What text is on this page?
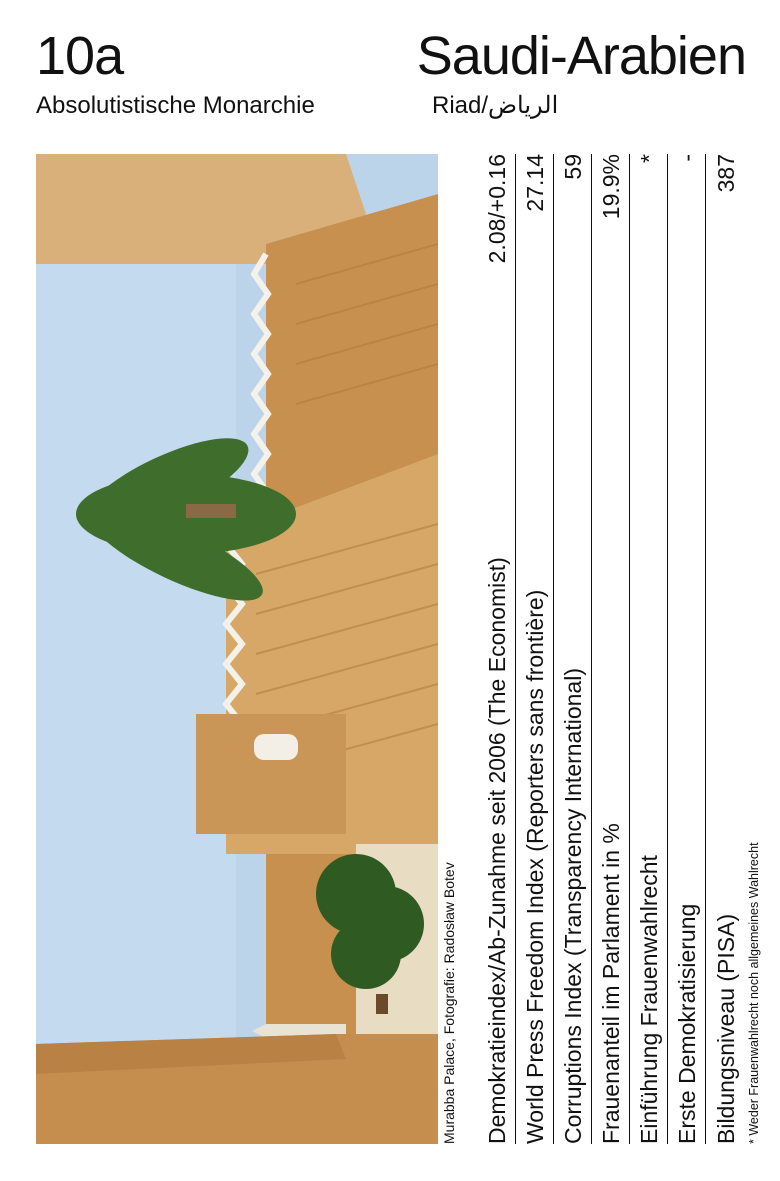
10a
Absolutistische Monarchie
Saudi-Arabien
Riad/الرياض
Murabba Palace, Fotografie: Radosław Botev Demokratieindex/Ab-Zunahme seit 2006 (The Economist)
2.08/+0.16
World Press Freedom Index (Reporters sans frontière)
27.14
Corruptions Index (Transparency International)
59
Frauenanteil im Parlament in %
19.9%
Einführung Frauenwahlrecht
*
Erste Demokratisierung
-
Bildungsniveau (PISA)
387
* Weder Frauenwahlrecht noch allgemeines Wahlrecht
